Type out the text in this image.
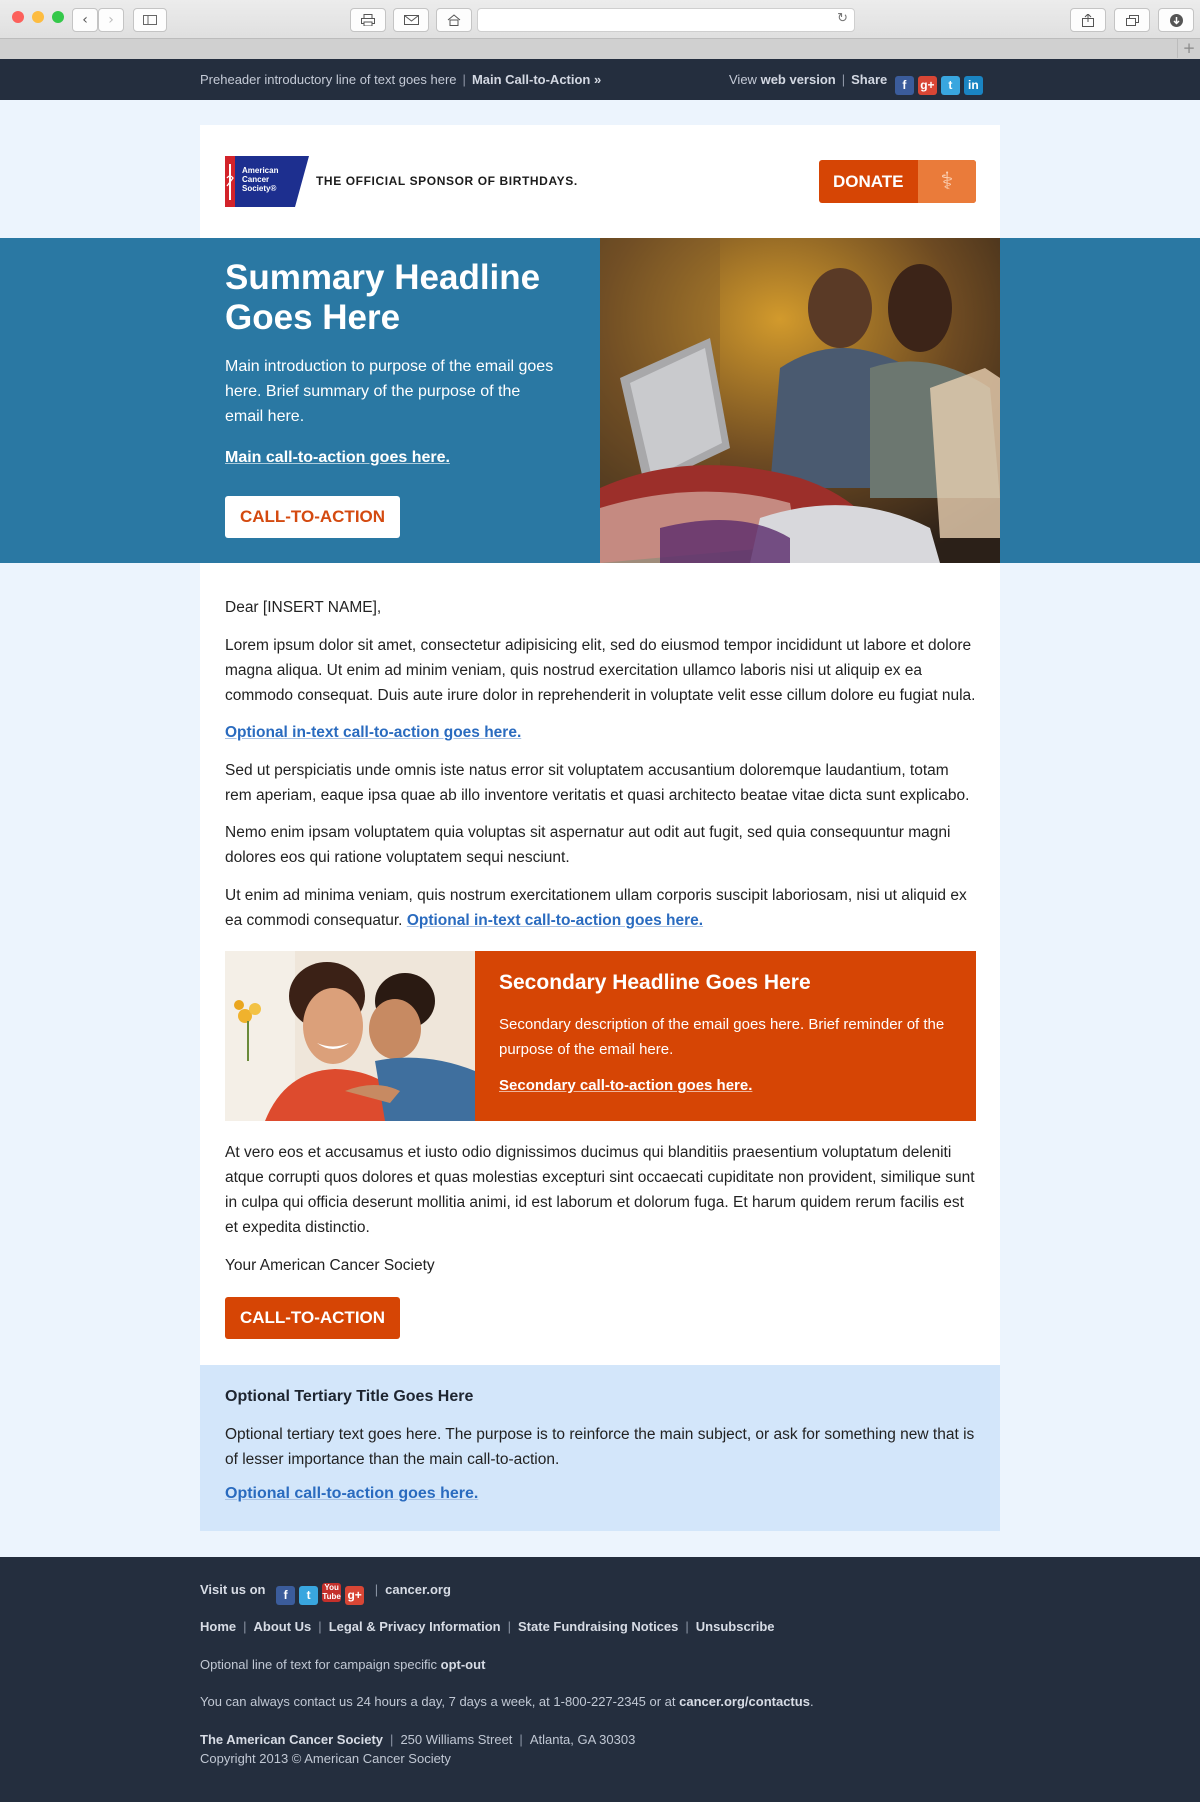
‹ ›	↻
+
Preheader introductory line of text goes here | Main Call-to-Action »	View web version | Share f g+ t in
American
Cancer
Society®
THE OFFICIAL SPONSOR OF BIRTHDAYS.	DONATE	⚕
Summary Headline Goes Here
Main introduction to purpose of the email goes here. Brief summary of the purpose of the email here.
Main call-to-action goes here.
CALL-TO-ACTION
Dear [INSERT NAME],
Lorem ipsum dolor sit amet, consectetur adipisicing elit, sed do eiusmod tempor incididunt ut labore et dolore magna aliqua. Ut enim ad minim veniam, quis nostrud exercitation ullamco laboris nisi ut aliquip ex ea commodo consequat. Duis aute irure dolor in reprehenderit in voluptate velit esse cillum dolore eu fugiat nula.
Optional in-text call-to-action goes here.
Sed ut perspiciatis unde omnis iste natus error sit voluptatem accusantium doloremque laudantium, totam rem aperiam, eaque ipsa quae ab illo inventore veritatis et quasi architecto beatae vitae dicta sunt explicabo.
Nemo enim ipsam voluptatem quia voluptas sit aspernatur aut odit aut fugit, sed quia consequuntur magni dolores eos qui ratione voluptatem sequi nesciunt.
Ut enim ad minima veniam, quis nostrum exercitationem ullam corporis suscipit laboriosam, nisi ut aliquid ex ea commodi consequatur. Optional in-text call-to-action goes here.
Secondary Headline Goes Here
Secondary description of the email goes here. Brief reminder of the purpose of the email here.
Secondary call-to-action goes here.
At vero eos et accusamus et iusto odio dignissimos ducimus qui blanditiis praesentium voluptatum deleniti atque corrupti quos dolores et quas molestias excepturi sint occaecati cupiditate non provident, similique sunt in culpa qui officia deserunt mollitia animi, id est laborum et dolorum fuga. Et harum quidem rerum facilis est et expedita distinctio.
Your American Cancer Society
CALL-TO-ACTION
Optional Tertiary Title Goes Here
Optional tertiary text goes here. The purpose is to reinforce the main subject, or ask for something new that is of lesser importance than the main call-to-action.
Optional call-to-action goes here.
Visit us on f tYou
Tube g+ | cancer.org
Home | About Us | Legal & Privacy Information | State Fundraising Notices | Unsubscribe
Optional line of text for campaign specific opt-out
You can always contact us 24 hours a day, 7 days a week, at 1-800-227-2345 or at cancer.org/contactus.
The American Cancer Society | 250 Williams Street | Atlanta, GA 30303
Copyright 2013 © American Cancer Society
